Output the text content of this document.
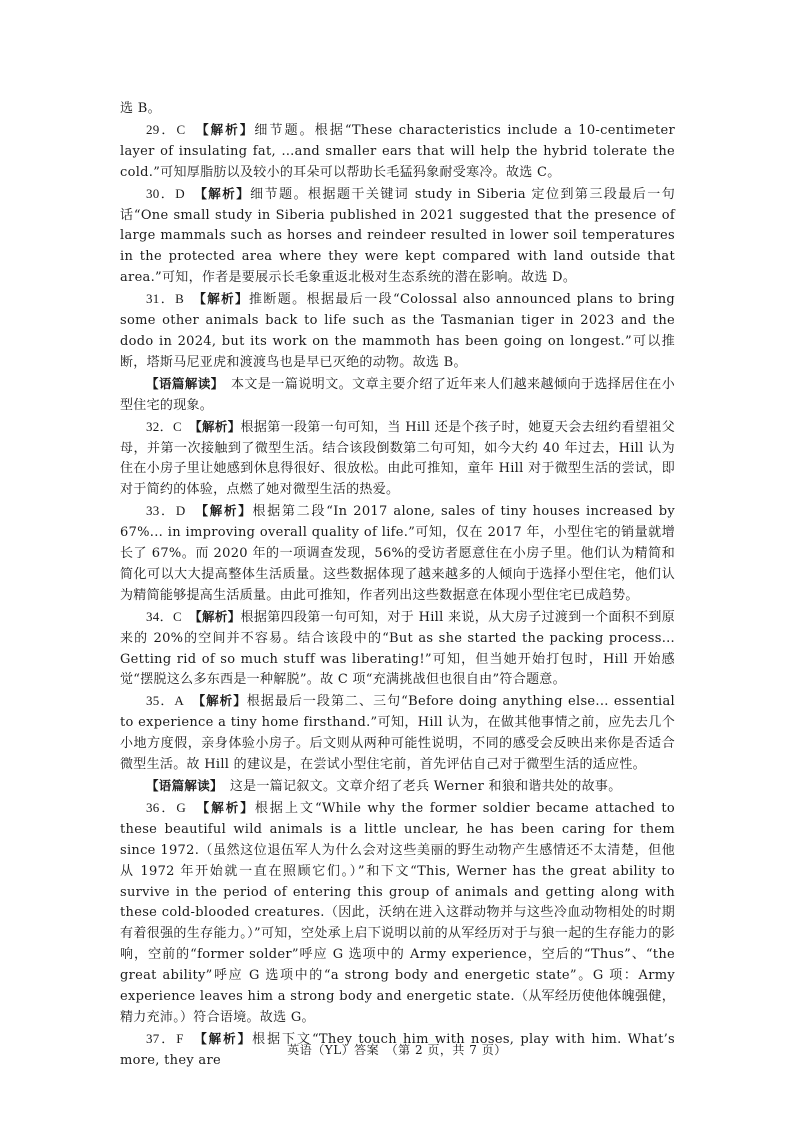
选 B。

29．C　 【解析】细节题。根据“These characteristics include a 10-centimeter layer of insulating fat, …and smaller ears that will help the hybrid tolerate the cold.”可知厚脂肪以及较小的耳朵可以帮助长毛猛犸象耐受寒冷。故选 C。

30．D　 【解析】细节题。根据题干关键词 study in Siberia 定位到第三段最后一句话“One small study in Siberia published in 2021 suggested that the presence of large mammals such as horses and reindeer resulted in lower soil temperatures in the protected area where they were kept compared with land outside that area.”可知，作者是要展示长毛象重返北极对生态系统的潜在影响。故选 D。

31．B　 【解析】推断题。根据最后一段“Colossal also announced plans to bring some other animals back to life such as the Tasmanian tiger in 2023 and the dodo in 2024, but its work on the mammoth has been going on longest.”可以推断，塔斯马尼亚虎和渡渡鸟也是早已灭绝的动物。故选 B。

【语篇解读】　本文是一篇说明文。文章主要介绍了近年来人们越来越倾向于选择居住在小型住宅的现象。

32．C　 【解析】根据第一段第一句可知，当 Hill 还是个孩子时，她夏天会去纽约看望祖父母，并第一次接触到了微型生活。结合该段倒数第二句可知，如今大约 40 年过去，Hill 认为住在小房子里让她感到休息得很好、很放松。由此可推知，童年 Hill 对于微型生活的尝试，即对于简约的体验，点燃了她对微型生活的热爱。

33．D　 【解析】根据第二段“In 2017 alone, sales of tiny houses increased by 67%... in improving overall quality of life.”可知，仅在 2017 年，小型住宅的销量就增长了 67%。而 2020 年的一项调查发现，56%的受访者愿意住在小房子里。他们认为精简和简化可以大大提高整体生活质量。这些数据体现了越来越多的人倾向于选择小型住宅，他们认为精简能够提高生活质量。由此可推知，作者列出这些数据意在体现小型住宅已成趋势。

34．C　 【解析】根据第四段第一句可知，对于 Hill 来说，从大房子过渡到一个面积不到原来的 20%的空间并不容易。结合该段中的“But as she started the packing process... Getting rid of so much stuff was liberating!”可知，但当她开始打包时，Hill 开始感觉“摆脱这么多东西是一种解脱”。故 C 项“充满挑战但也很自由”符合题意。

35．A　 【解析】根据最后一段第二、三句“Before doing anything else... essential to experience a tiny home firsthand.”可知，Hill 认为，在做其他事情之前，应先去几个小地方度假，亲身体验小房子。后文则从两种可能性说明，不同的感受会反映出来你是否适合微型生活。故 Hill 的建议是，在尝试小型住宅前，首先评估自己对于微型生活的适应性。

【语篇解读】　这是一篇记叙文。文章介绍了老兵 Werner 和狼和谐共处的故事。

36．G　 【解析】根据上文“While why the former soldier became attached to these beautiful wild animals is a little unclear, he has been caring for them since 1972.（虽然这位退伍军人为什么会对这些美丽的野生动物产生感情还不太清楚，但他从 1972 年开始就一直在照顾它们。）”和下文“This, Werner has the great ability to survive in the period of entering this group of animals and getting along with these cold-blooded creatures.（因此，沃纳在进入这群动物并与这些冷血动物相处的时期有着很强的生存能力。）”可知，空处承上启下说明以前的从军经历对于与狼一起的生存能力的影响，空前的“former solder”呼应 G 选项中的 Army experience，空后的“Thus”、“the great ability”呼应 G 选项中的“a strong body and energetic state”。G 项：Army experience leaves him a strong body and energetic state.（从军经历使他体魄强健，精力充沛。）符合语境。故选 G。

37．F　 【解析】根据下文“They touch him with noses, play with him. What’s more, they are

英语（YL）答案　（第 2 页，共 7 页）
